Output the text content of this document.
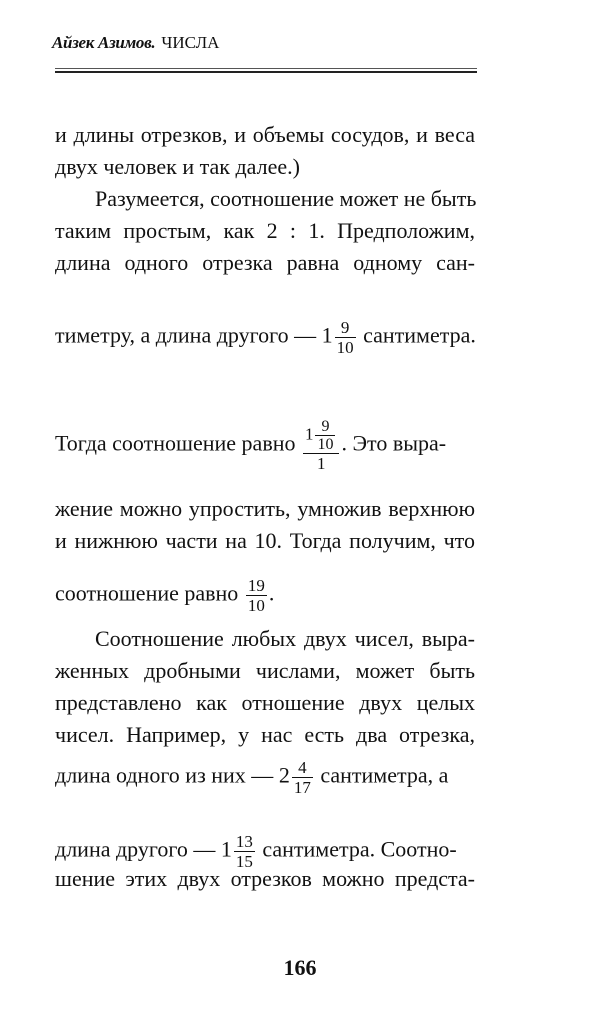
Айзек Азимов. ЧИСЛА
и длины отрезков, и объемы сосудов, и веса
двух человек и так далее.)
Разумеется, соотношение может не быть
таким простым, как 2 : 1. Предположим,
длина одного отрезка равна одному сан-
тиметру, а длина другого — $1 \frac{9}{10}$ сантиметра.
Тогда соотношение равно $\frac{1 \frac{9}{10}}{1}$ . Это выра-
жение можно упростить, умножив верхнюю
и нижнюю части на 10. Тогда получим, что
соотношение равно $\frac{19}{10}$ .
Соотношение любых двух чисел, выра-
женных дробными числами, может быть
представлено как отношение двух целых
чисел. Например, у нас есть два отрезка,
длина одного из них — $2 \frac{4}{17}$ сантиметра, а
длина другого — $1 \frac{13}{15}$ сантиметра. Соотно-
шение этих двух отрезков можно предста-
166
